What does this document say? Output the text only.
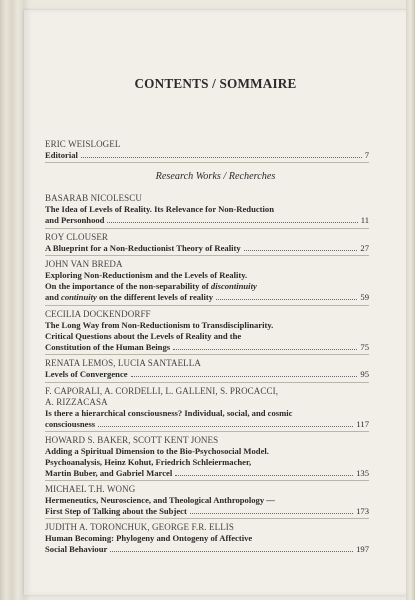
CONTENTS / SOMMAIRE
ERIC WEISLOGEL
Editorial	7
Research Works / Recherches
BASARAB NICOLESCU
The Idea of Levels of Reality. Its Relevance for Non-Reduction
and Personhood	11
ROY CLOUSER
A Blueprint for a Non-Reductionist Theory of Reality	27
JOHN VAN BREDA
Exploring Non-Reductionism and the Levels of Reality.
On the importance of the non-separability of discontinuity
and continuity on the different levels of reality	59
CECILIA DOCKENDORFF
The Long Way from Non-Reductionism to Transdisciplinarity.
Critical Questions about the Levels of Reality and the
Constitution of the Human Beings	75
RENATA LEMOS, LUCIA SANTAELLA
Levels of Convergence	95
F. CAPORALI, A. CORDELLI, L. GALLENI, S. PROCACCI,
A. RIZZACASA
Is there a hierarchical consciousness? Individual, social, and cosmic
consciousness	117
HOWARD S. BAKER, SCOTT KENT JONES
Adding a Spiritual Dimension to the Bio-Psychosocial Model.
Psychoanalysis, Heinz Kohut, Friedrich Schleiermacher,
Martin Buber, and Gabriel Marcel	135
MICHAEL T.H. WONG
Hermeneutics, Neuroscience, and Theological Anthropology —
First Step of Talking about the Subject	173
JUDITH A. TORONCHUK, GEORGE F.R. ELLIS
Human Becoming: Phylogeny and Ontogeny of Affective
Social Behaviour	197
